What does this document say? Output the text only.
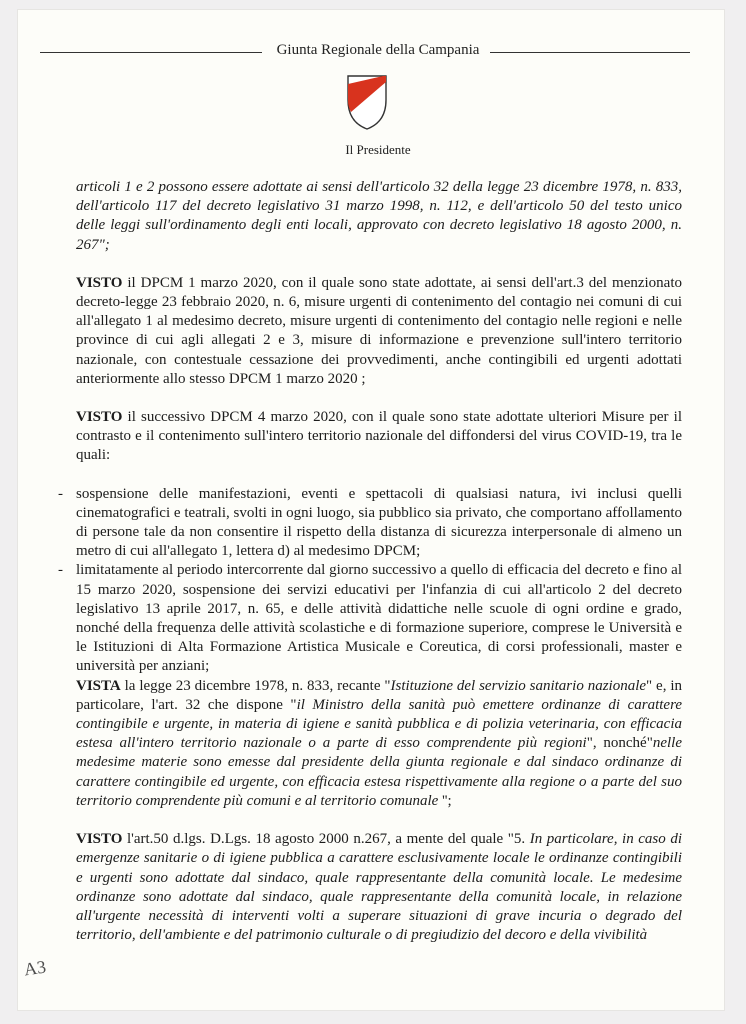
Giunta Regionale della Campania
Il Presidente

articoli 1 e 2 possono essere adottate ai sensi dell'articolo 32 della legge 23 dicembre 1978, n. 833, dell'articolo 117 del decreto legislativo 31 marzo 1998, n. 112, e dell'articolo 50 del testo unico delle leggi sull'ordinamento degli enti locali, approvato con decreto legislativo 18 agosto 2000, n. 267";

VISTO il DPCM 1 marzo 2020, con il quale sono state adottate, ai sensi dell'art.3 del menzionato decreto-legge 23 febbraio 2020, n. 6, misure urgenti di contenimento del contagio nei comuni di cui all'allegato 1 al medesimo decreto, misure urgenti di contenimento del contagio nelle regioni e nelle province di cui agli allegati 2 e 3, misure di informazione e prevenzione sull'intero territorio nazionale, con contestuale cessazione dei provvedimenti, anche contingibili ed urgenti adottati anteriormente allo stesso DPCM 1 marzo 2020 ;

VISTO il successivo DPCM 4 marzo 2020, con il quale sono state adottate ulteriori Misure per il contrasto e il contenimento sull'intero territorio nazionale del diffondersi del virus COVID-19, tra le quali:

- sospensione delle manifestazioni, eventi e spettacoli di qualsiasi natura, ivi inclusi quelli cinematografici e teatrali, svolti in ogni luogo, sia pubblico sia privato, che comportano affollamento di persone tale da non consentire il rispetto della distanza di sicurezza interpersonale di almeno un metro di cui all'allegato 1, lettera d) al medesimo DPCM;

- limitatamente al periodo intercorrente dal giorno successivo a quello di efficacia del decreto e fino al 15 marzo 2020, sospensione dei servizi educativi per l'infanzia di cui all'articolo 2 del decreto legislativo 13 aprile 2017, n. 65, e delle attività didattiche nelle scuole di ogni ordine e grado, nonché della frequenza delle attività scolastiche e di formazione superiore, comprese le Università e le Istituzioni di Alta Formazione Artistica Musicale e Coreutica, di corsi professionali, master e università per anziani;

VISTA la legge 23 dicembre 1978, n. 833, recante "Istituzione del servizio sanitario nazionale" e, in particolare, l'art. 32 che dispone "il Ministro della sanità può emettere ordinanze di carattere contingibile e urgente, in materia di igiene e sanità pubblica e di polizia veterinaria, con efficacia estesa all'intero territorio nazionale o a parte di esso comprendente più regioni", nonché"nelle medesime materie sono emesse dal presidente della giunta regionale e dal sindaco ordinanze di carattere contingibile ed urgente, con efficacia estesa rispettivamente alla regione o a parte del suo territorio comprendente più comuni e al territorio comunale '';

VISTO l'art.50 d.lgs. D.Lgs. 18 agosto 2000 n.267, a mente del quale "5. In particolare, in caso di emergenze sanitarie o di igiene pubblica a carattere esclusivamente locale le ordinanze contingibili e urgenti sono adottate dal sindaco, quale rappresentante della comunità locale. Le medesime ordinanze sono adottate dal sindaco, quale rappresentante della comunità locale, in relazione all'urgente necessità di interventi volti a superare situazioni di grave incuria o degrado del territorio, dell'ambiente e del patrimonio culturale o di pregiudizio del decoro e della vivibilità

A3
